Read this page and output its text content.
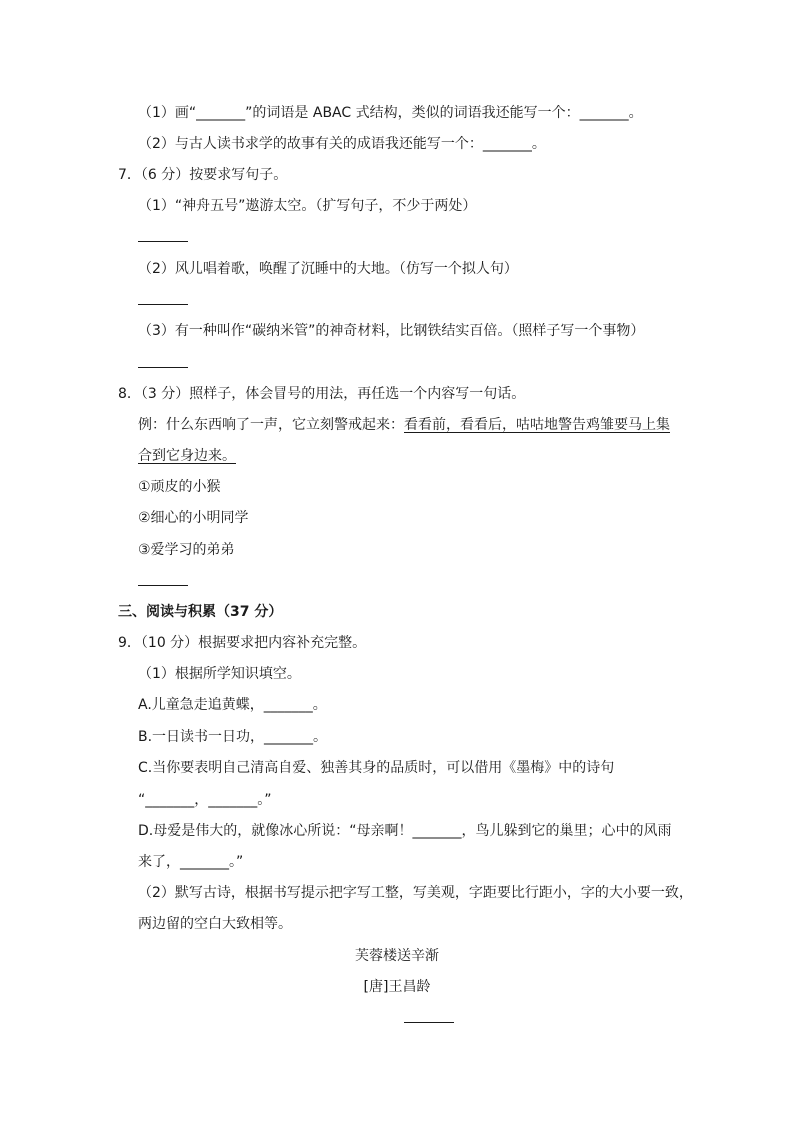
（1）画“_______”的词语是 ABAC 式结构，类似的词语我还能写一个：_______。
（2）与古人读书求学的故事有关的成语我还能写一个：_______。
7．（6 分）按要求写句子。
（1）“神舟五号”遨游太空。（扩写句子，不少于两处）
（2）风儿唱着歌，唤醒了沉睡中的大地。（仿写一个拟人句）
（3）有一种叫作“碳纳米管”的神奇材料，比钢铁结实百倍。（照样子写一个事物）
8．（3 分）照样子，体会冒号的用法，再任选一个内容写一句话。
例：什么东西响了一声，它立刻警戒起来：看看前，看看后，咕咕地警告鸡雏要马上集
合到它身边来。
①顽皮的小猴
②细心的小明同学
③爱学习的弟弟
三、阅读与积累（37 分）
9．（10 分）根据要求把内容补充完整。
（1）根据所学知识填空。
A.儿童急走追黄蝶，_______。
B.一日读书一日功，_______。
C.当你要表明自己清高自爱、独善其身的品质时，可以借用《墨梅》中的诗句
“_______，_______。”
D.母爱是伟大的，就像冰心所说：“母亲啊！_______，鸟儿躲到它的巢里；心中的风雨
来了，_______。”
（2）默写古诗，根据书写提示把字写工整，写美观，字距要比行距小，字的大小要一致，
两边留的空白大致相等。
芙蓉楼送辛渐
[唐]王昌龄
